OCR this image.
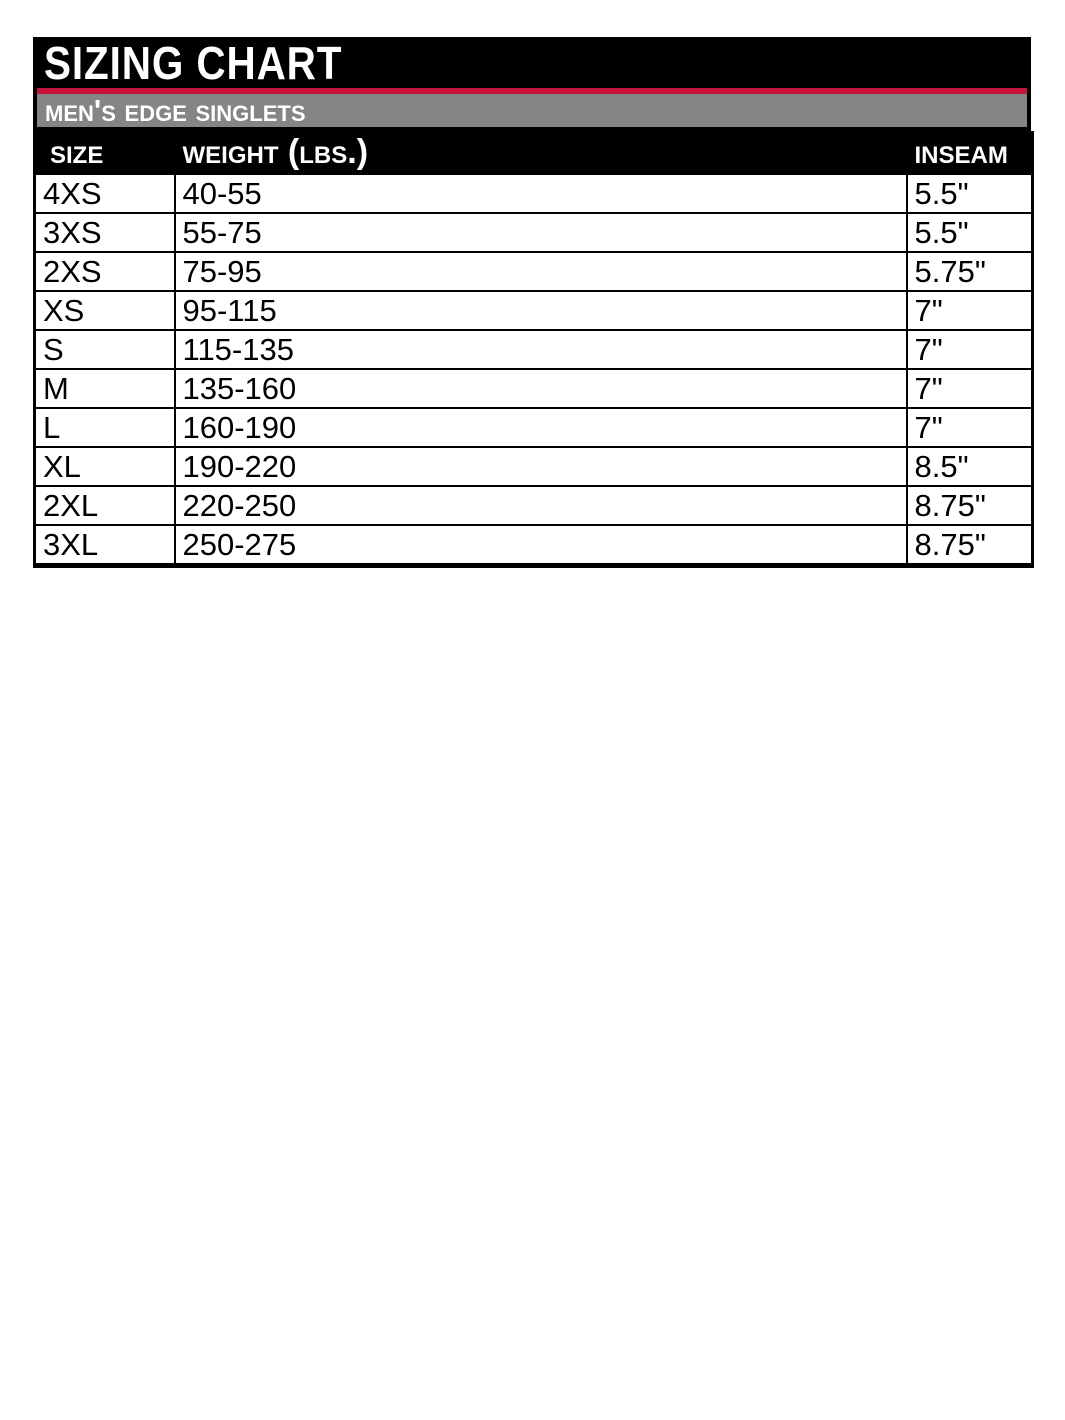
SIZING CHART
men's edge singlets
size	weight (lbs.)	inseam
4XS	40-55	5.5"
3XS	55-75	5.5"
2XS	75-95	5.75"
XS	95-115	7"
S	115-135	7"
M	135-160	7"
L	160-190	7"
XL	190-220	8.5"
2XL	220-250	8.75"
3XL	250-275	8.75"
